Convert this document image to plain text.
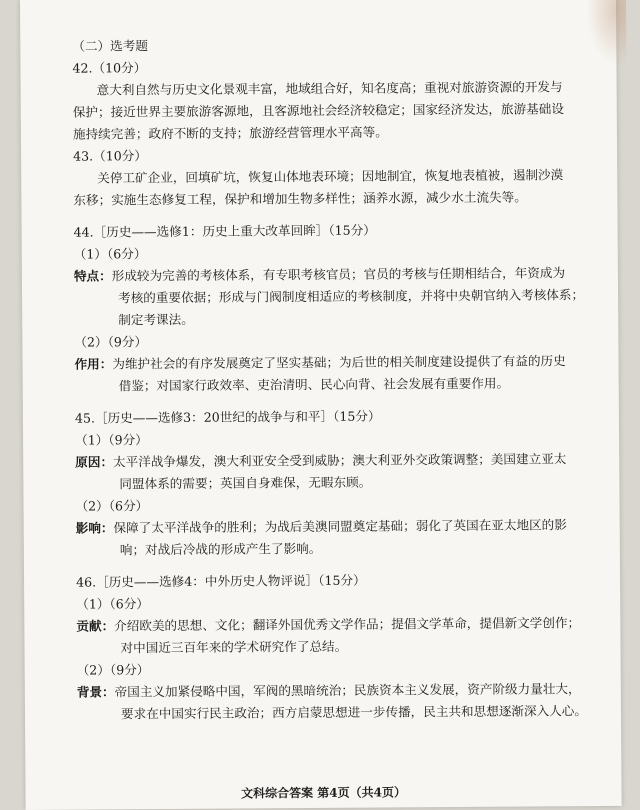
（二）选考题
42.（10分）
意大利自然与历史文化景观丰富，地域组合好，知名度高；重视对旅游资源的开发与
保护；接近世界主要旅游客源地，且客源地社会经济较稳定；国家经济发达，旅游基础设
施持续完善；政府不断的支持；旅游经营管理水平高等。
43.（10分）
关停工矿企业，回填矿坑，恢复山体地表环境；因地制宜，恢复地表植被，遏制沙漠
东移；实施生态修复工程，保护和增加生物多样性；涵养水源，减少水土流失等。
44.［历史——选修1：历史上重大改革回眸］（15分）
（1）（6分）
特点：形成较为完善的考核体系，有专职考核官员；官员的考核与任期相结合，年资成为
考核的重要依据；形成与门阀制度相适应的考核制度，并将中央朝官纳入考核体系；
制定考课法。
（2）（9分）
作用：为维护社会的有序发展奠定了坚实基础；为后世的相关制度建设提供了有益的历史
借鉴；对国家行政效率、吏治清明、民心向背、社会发展有重要作用。
45.［历史——选修3：20世纪的战争与和平］（15分）
（1）（9分）
原因：太平洋战争爆发，澳大利亚安全受到威胁；澳大利亚外交政策调整；美国建立亚太
同盟体系的需要；英国自身难保，无暇东顾。
（2）（6分）
影响：保障了太平洋战争的胜利；为战后美澳同盟奠定基础；弱化了英国在亚太地区的影
响；对战后冷战的形成产生了影响。
46.［历史——选修4：中外历史人物评说］（15分）
（1）（6分）
贡献：介绍欧美的思想、文化；翻译外国优秀文学作品；提倡文学革命，提倡新文学创作；
对中国近三百年来的学术研究作了总结。
（2）（9分）
背景：帝国主义加紧侵略中国，军阀的黑暗统治；民族资本主义发展，资产阶级力量壮大，
要求在中国实行民主政治；西方启蒙思想进一步传播，民主共和思想逐渐深入人心。
文科综合答案 第4页（共4页）
